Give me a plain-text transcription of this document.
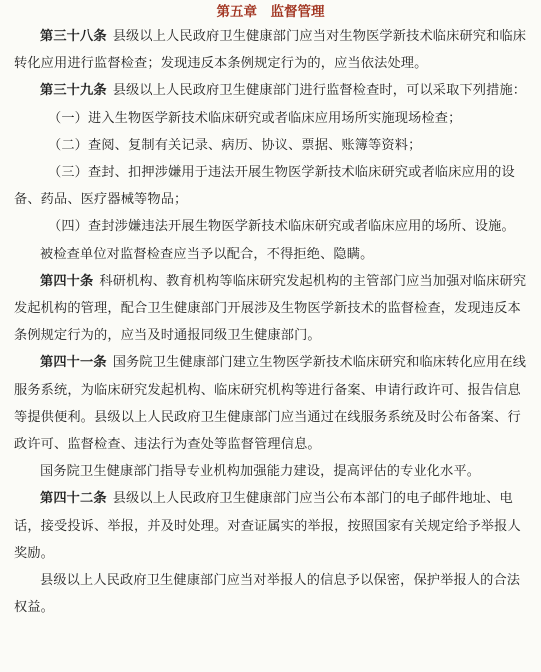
第五章　监督管理

第三十八条 县级以上人民政府卫生健康部门应当对生物医学新技术临床研究和临床转化应用进行监督检查；发现违反本条例规定行为的，应当依法处理。

第三十九条 县级以上人民政府卫生健康部门进行监督检查时，可以采取下列措施：

（一）进入生物医学新技术临床研究或者临床应用场所实施现场检查；

（二）查阅、复制有关记录、病历、协议、票据、账簿等资料；

（三）查封、扣押涉嫌用于违法开展生物医学新技术临床研究或者临床应用的设备、药品、医疗器械等物品；

（四）查封涉嫌违法开展生物医学新技术临床研究或者临床应用的场所、设施。

被检查单位对监督检查应当予以配合，不得拒绝、隐瞒。

第四十条 科研机构、教育机构等临床研究发起机构的主管部门应当加强对临床研究发起机构的管理，配合卫生健康部门开展涉及生物医学新技术的监督检查，发现违反本条例规定行为的，应当及时通报同级卫生健康部门。

第四十一条 国务院卫生健康部门建立生物医学新技术临床研究和临床转化应用在线服务系统，为临床研究发起机构、临床研究机构等进行备案、申请行政许可、报告信息等提供便利。县级以上人民政府卫生健康部门应当通过在线服务系统及时公布备案、行政许可、监督检查、违法行为查处等监督管理信息。

国务院卫生健康部门指导专业机构加强能力建设，提高评估的专业化水平。

第四十二条 县级以上人民政府卫生健康部门应当公布本部门的电子邮件地址、电话，接受投诉、举报，并及时处理。对查证属实的举报，按照国家有关规定给予举报人奖励。

县级以上人民政府卫生健康部门应当对举报人的信息予以保密，保护举报人的合法权益。
